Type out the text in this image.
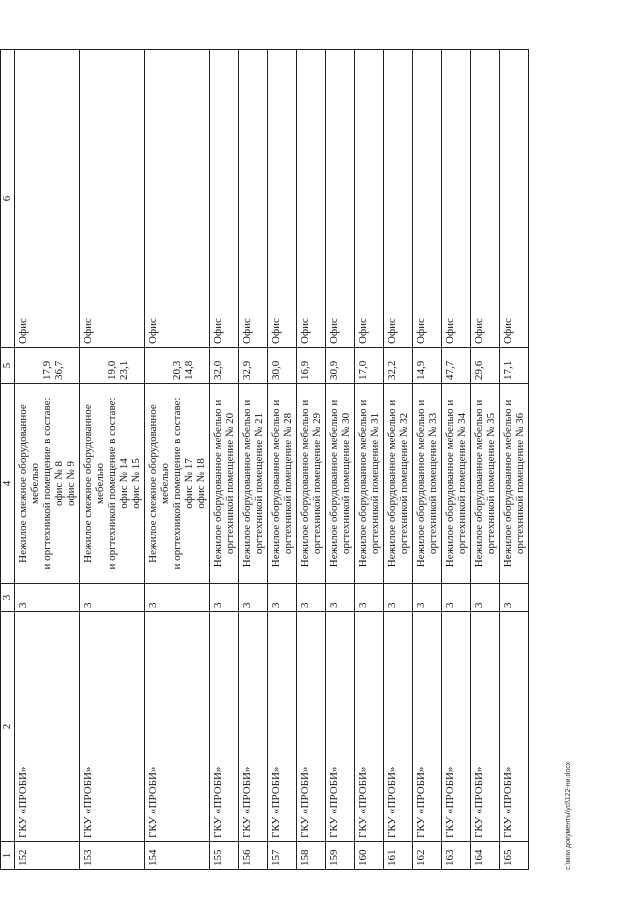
1	2	3	4	5	6
152	ГКУ «ПРОБИ»	3	Нежилое смежное оборудованное мебелью и оргтехникой помещение в составе: офис № 8 офис № 9	17,9 36,7	Офис
153	ГКУ «ПРОБИ»	3	Нежилое смежное оборудованное мебелью и оргтехникой помещение в составе: офис № 14 офис № 15	19,0 23,1	Офис
154	ГКУ «ПРОБИ»	3	Нежилое смежное оборудованное мебелью и оргтехникой помещение в составе: офис № 17 офис № 18	20,3 14,8	Офис
155	ГКУ «ПРОБИ»	3	Нежилое оборудованное мебелью и оргтехникой помещение № 20	32,0	Офис
156	ГКУ «ПРОБИ»	3	Нежилое оборудованное мебелью и оргтехникой помещение № 21	32,9	Офис
157	ГКУ «ПРОБИ»	3	Нежилое оборудованное мебелью и оргтехникой помещение № 28	30,0	Офис
158	ГКУ «ПРОБИ»	3	Нежилое оборудованное мебелью и оргтехникой помещение № 29	16,9	Офис
159	ГКУ «ПРОБИ»	3	Нежилое оборудованное мебелью и оргтехникой помещение № 30	30,9	Офис
160	ГКУ «ПРОБИ»	3	Нежилое оборудованное мебелью и оргтехникой помещение № 31	17,0	Офис
161	ГКУ «ПРОБИ»	3	Нежилое оборудованное мебелью и оргтехникой помещение № 32	32,2	Офис
162	ГКУ «ПРОБИ»	3	Нежилое оборудованное мебелью и оргтехникой помещение № 33	14,9	Офис
163	ГКУ «ПРОБИ»	3	Нежилое оборудованное мебелью и оргтехникой помещение № 34	47,7	Офис
164	ГКУ «ПРОБИ»	3	Нежилое оборудованное мебелью и оргтехникой помещение № 35	29,6	Офис
165	ГКУ «ПРОБИ»	3	Нежилое оборудованное мебелью и оргтехникой помещение № 36	17,1	Офис
c:\мои документы\ycl\122-ни.docx
